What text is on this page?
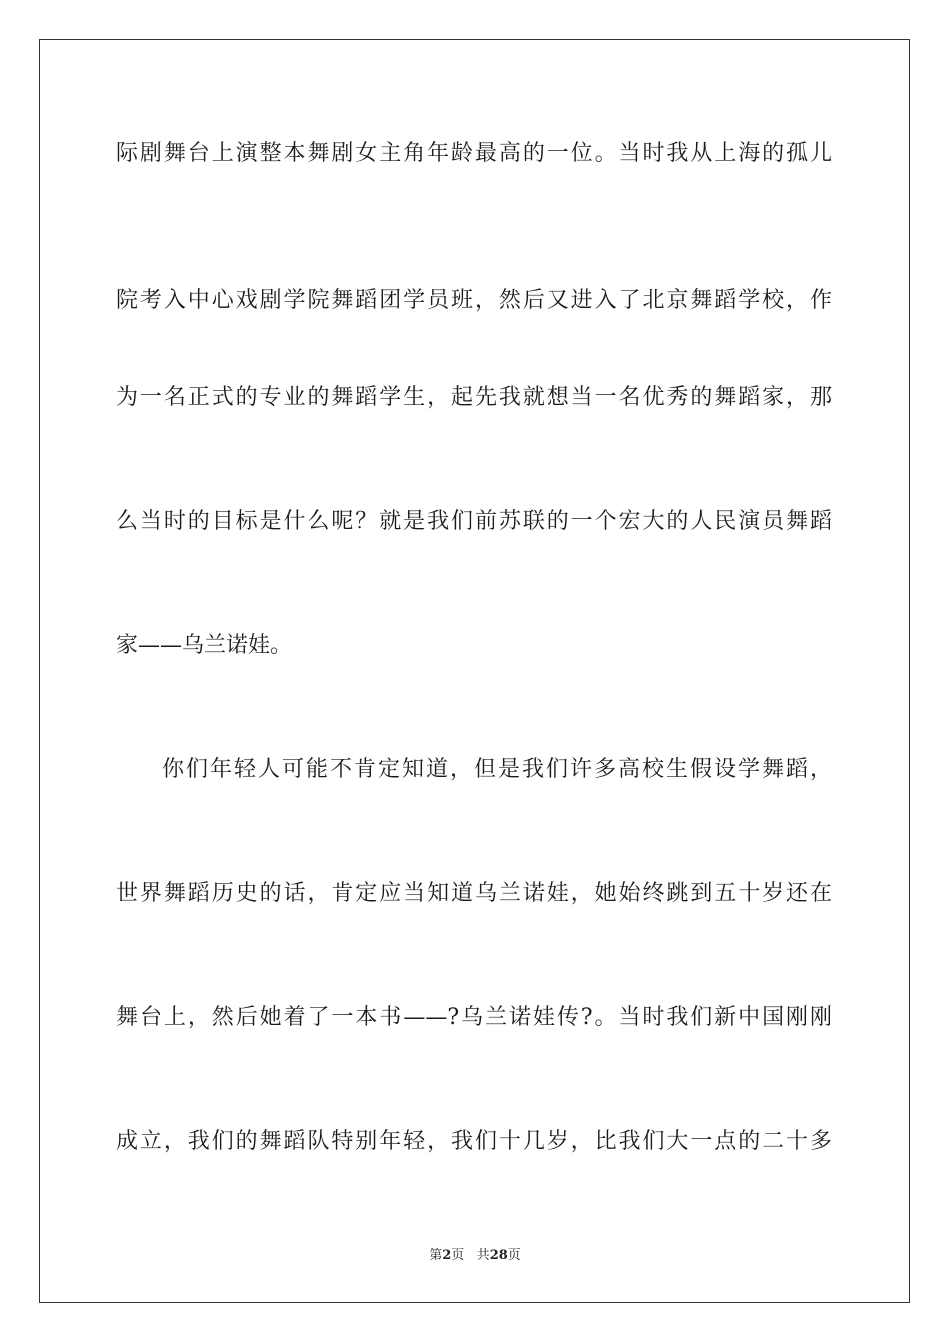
际剧舞台上演整本舞剧女主角年龄最高的一位。当时我从上海的孤儿
院考入中心戏剧学院舞蹈团学员班，然后又进入了北京舞蹈学校，作
为一名正式的专业的舞蹈学生，起先我就想当一名优秀的舞蹈家，那
么当时的目标是什么呢？就是我们前苏联的一个宏大的人民演员舞蹈
家——乌兰诺娃。
你们年轻人可能不肯定知道，但是我们许多高校生假设学舞蹈，
世界舞蹈历史的话，肯定应当知道乌兰诺娃，她始终跳到五十岁还在
舞台上，然后她着了一本书——?乌兰诺娃传?。当时我们新中国刚刚
成立，我们的舞蹈队特别年轻，我们十几岁，比我们大一点的二十多
第2页 共28页
